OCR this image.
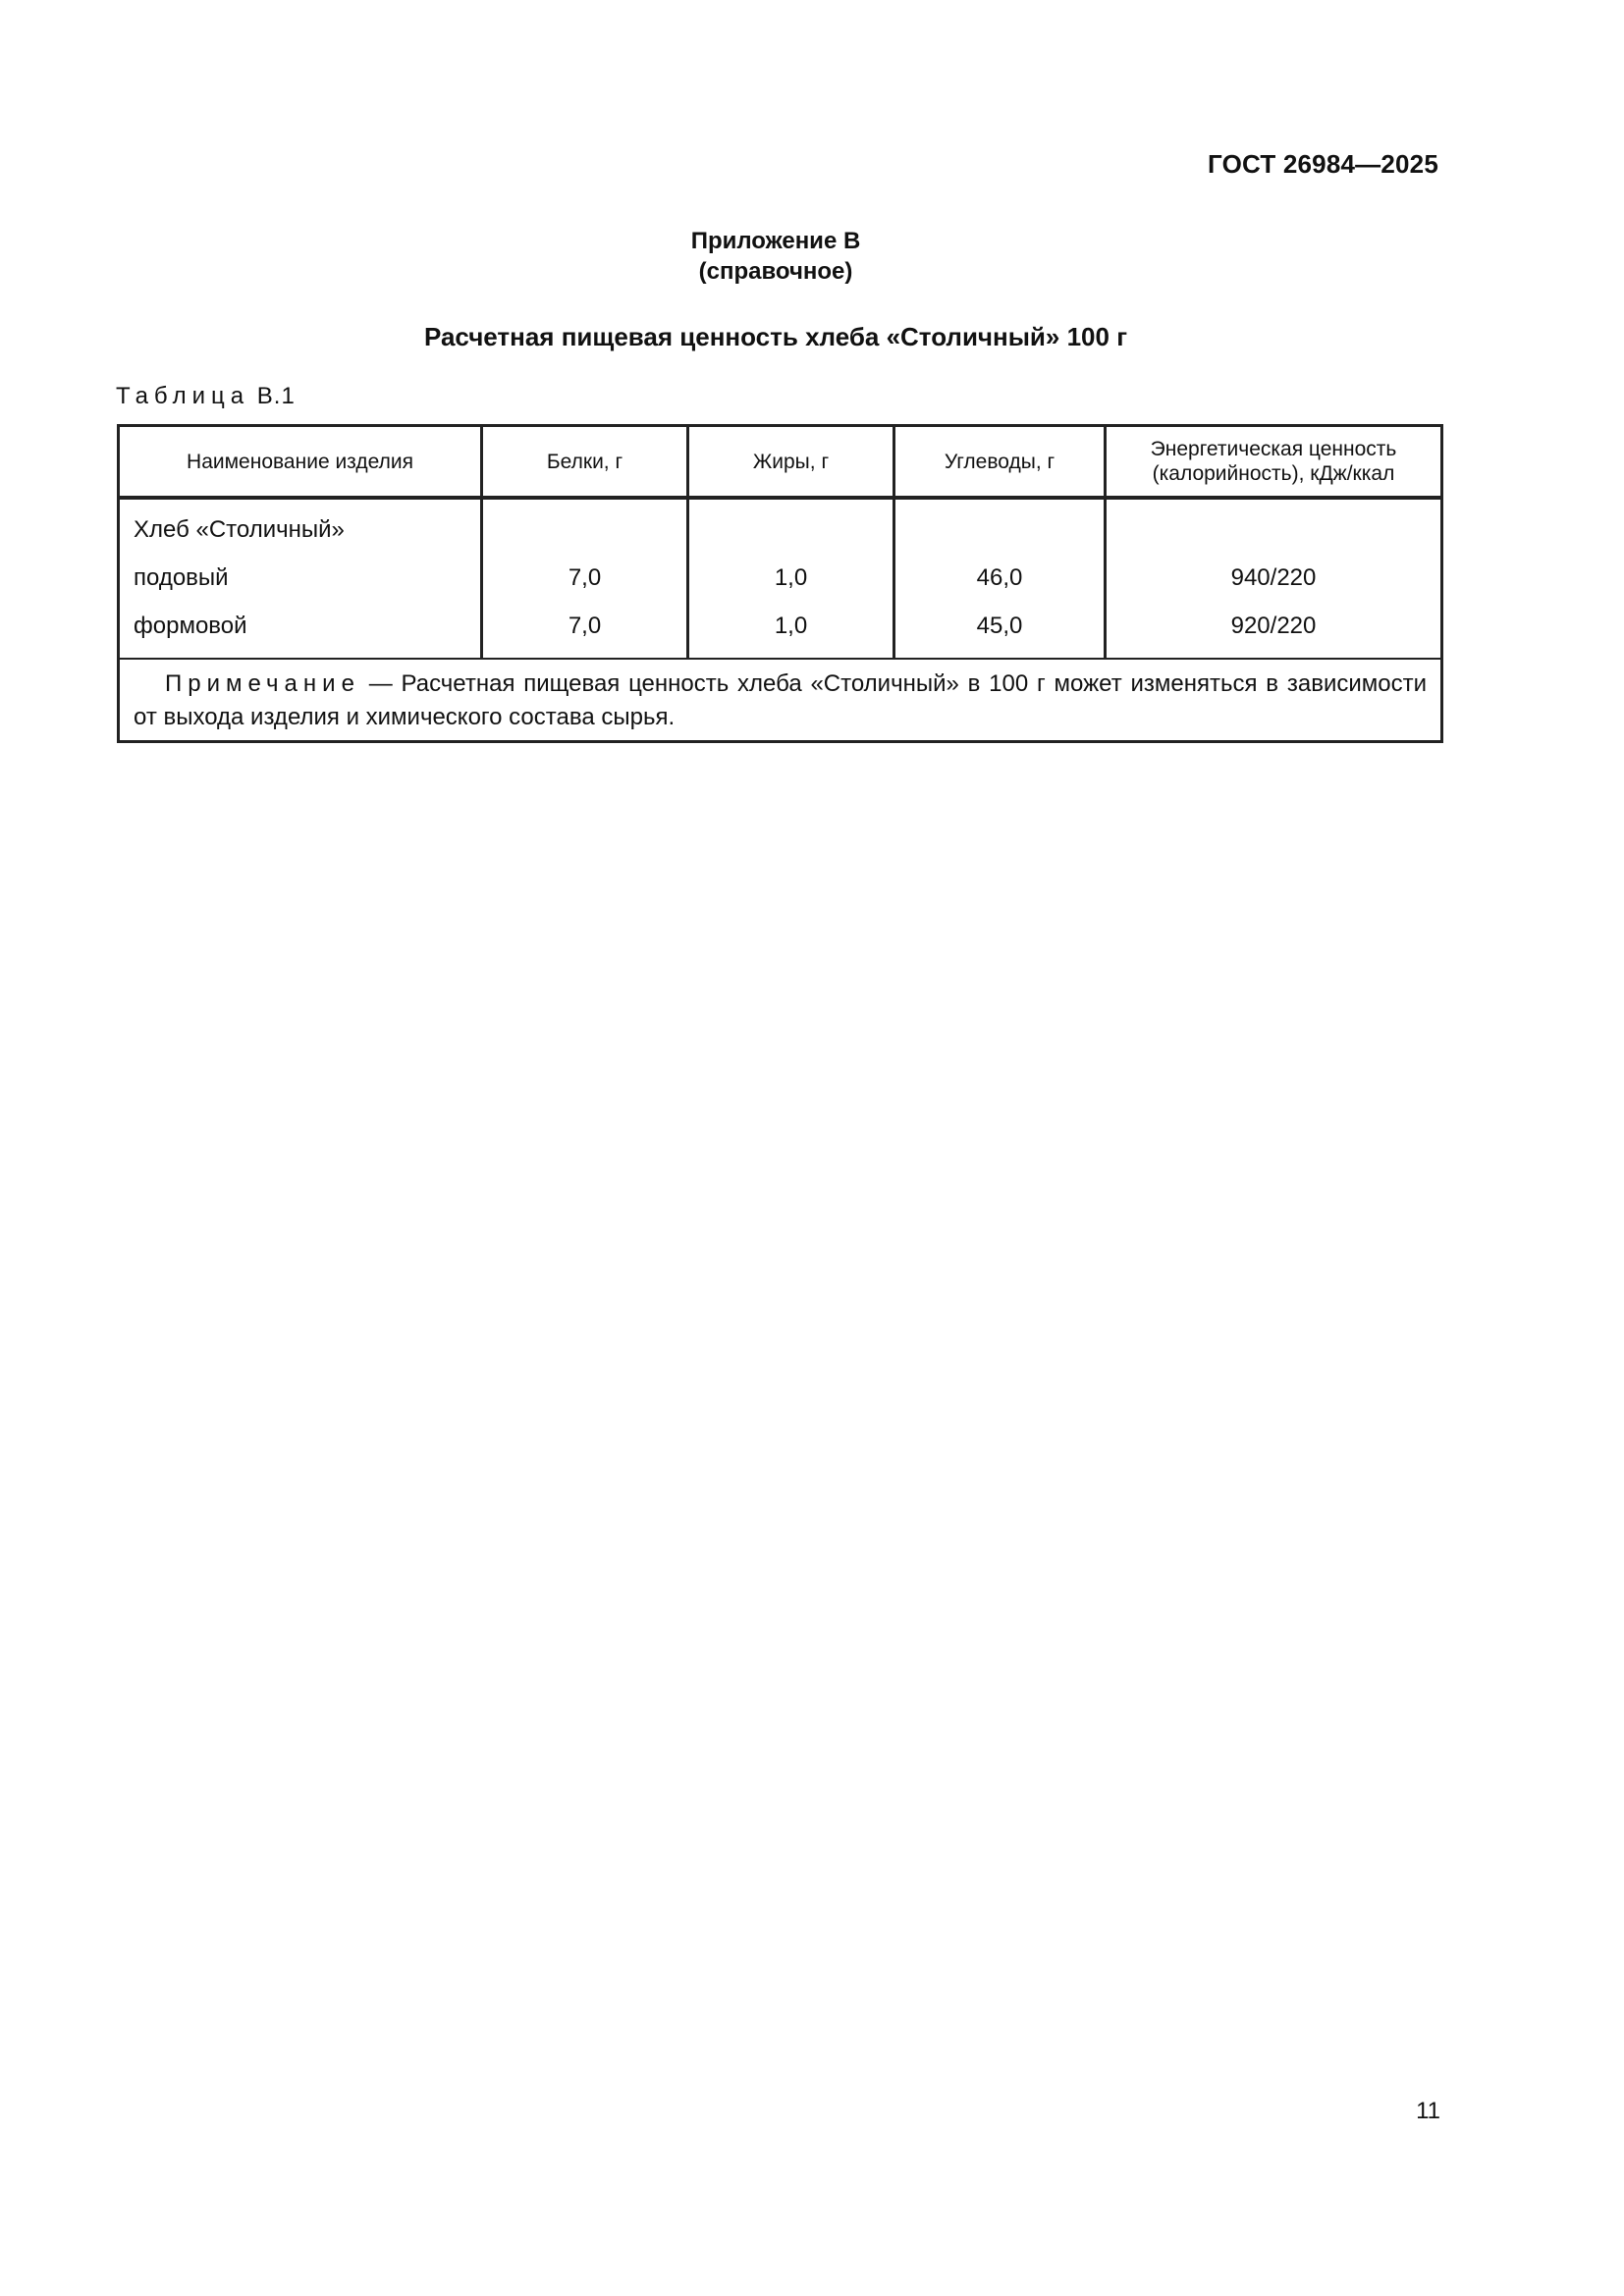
ГОСТ 26984—2025
Приложение В
(справочное)
Расчетная пищевая ценность хлеба «Столичный» 100 г
Таблица В.1
Наименование изделия	Белки, г	Жиры, г	Углеводы, г	Энергетическая ценность (калорийность), кДж/ккал
Хлеб «Столичный»				
подовый	7,0	1,0	46,0	940/220
формовой	7,0	1,0	45,0	920/220
Примечание — Расчетная пищевая ценность хлеба «Столичный» в 100 г может изменяться в зависимости от выхода изделия и химического состава сырья.				
11
